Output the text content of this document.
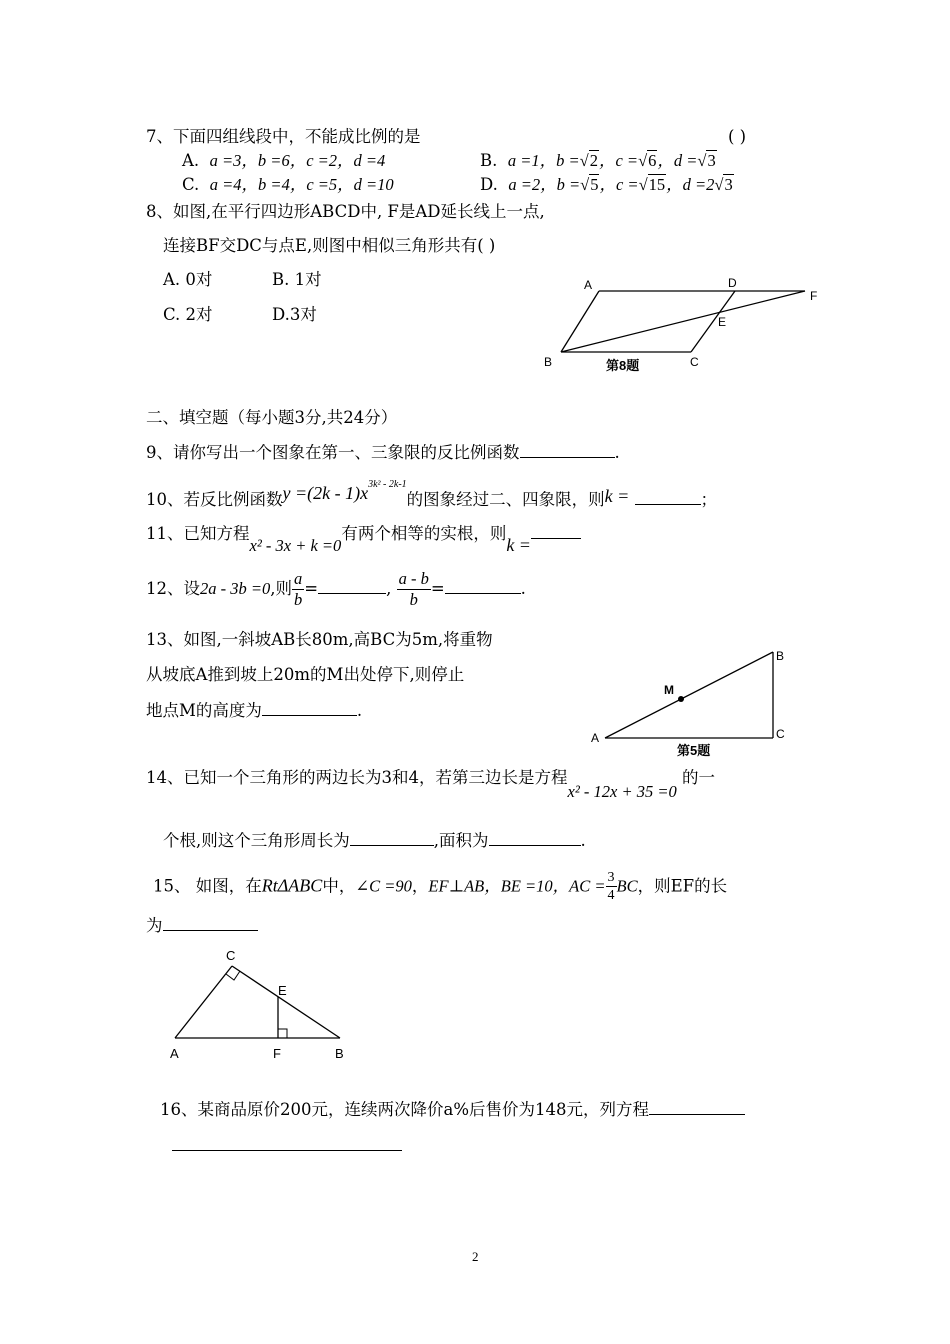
7、下面四组线段中，不能成比例的是	( )
A. a =3，b =6，c =2，d =4	B. a =1，b =√2，c =√6，d =√3
C. a =4，b =4，c =5，d =10	D. a =2，b =√5，c =√15，d =2√3
8、如图,在平行四边形ABCD中, F是AD延长线上一点,
连接BF交DC与点E,则图中相似三角形共有( )
A. 0对	B. 1对
C. 2对	D.3对
A	D
F
E
B	C
第8题
二、填空题（每小题3分,共24分）
9、请你写出一个图象在第一、三象限的反比例函数	.
10、若反比例函数$y =(2k - 1)x^{3k^2 - 2k-1}$的图象经过二、四象限，则k =	；
11、已知方程x² - 3x + k =0有两个相等的实根，则k =
12、设2a - 3b =0,则 $\frac{a}{b}$ =	, $\frac{a - b}{b}$ =	.
13、如图,一斜坡AB长80m,高BC为5m,将重物
从坡底A推到坡上20m的M出处停下,则停止
地点M的高度为	.
M
A
B
C
第5题
14、已知一个三角形的两边长为3和4，若第三边长是方程x² - 12x + 35 =0 的一
个根,则这个三角形周长为	,面积为	.
15、 如图，在RtΔABC中，∠C =90，EF⊥AB，BE =10，AC = $\frac{3}{4}$ BC，则EF的长
为
C
E
A	F	B
16、某商品原价200元，连续两次降价a%后售价为148元，列方程
2
